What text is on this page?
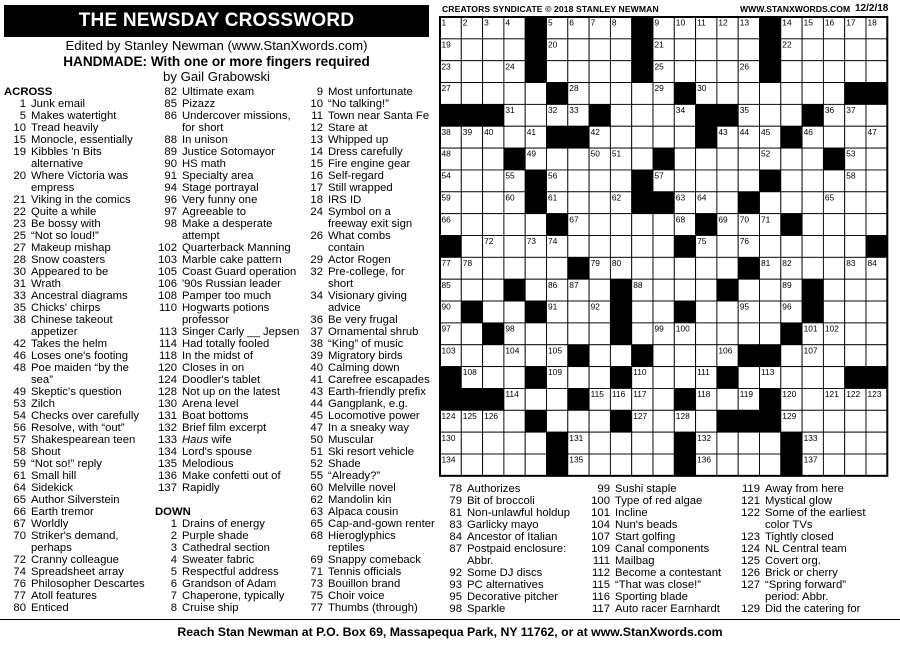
THE NEWSDAY CROSSWORD
Edited by Stanley Newman (www.StanXwords.com)
HANDMADE: With one or more fingers required
by Gail Grabowski
CREATORS SYNDICATE © 2018 STANLEY NEWMAN	WWW.STANXWORDS.COM 12/2/18
1 2 3 4	5 6 7 8	9 10 11 12 13	14 15 16 17 18
19	20	21	22
23	24	25	26
27	28	29	30
31	32 33	34	35	36 37
38 39 40	41	42	43 44 45	46	47
48	49	50 51	52	53
54	55	56	57	58
59	60	61	62	63 64	65
66	67	68	69 70 71
72	73 74	75	76
77 78	79 80	81 82	83 84
85	86 87	88	89
90	91	92 93	94	95	96
97	98	99 100	101 102
103	104	105	106	107
108	109	110	111 112	113
114	115 116 117	118	119	120	121 122 123
124 125 126	127	128	129
130	131	132	133
134	135	136	137
ACROSS
1 Junk email
5 Makes watertight
10 Tread heavily
15 Monocle, essentially
19 Kibbles 'n Bits
alternative
20 Where Victoria was
empress
21 Viking in the comics
22 Quite a while
23 Be bossy with
25 “Not so loud!”
27 Makeup mishap
28 Snow coasters
30 Appeared to be
31 Wrath
33 Ancestral diagrams
35 Chicks' chirps
38 Chinese takeout
appetizer
42 Takes the helm
46 Loses one's footing
48 Poe maiden “by the
sea”
49 Skeptic's question
53 Zilch
54 Checks over carefully
56 Resolve, with “out”
57 Shakespearean teen
58 Shout
59 “Not so!” reply
61 Small hill
64 Sidekick
65 Author Silverstein
66 Earth tremor
67 Worldly
70 Striker's demand,
perhaps
72 Cranny colleague
74 Spreadsheet array
76 Philosopher Descartes
77 Atoll features
80 Enticed
82 Ultimate exam
85 Pizazz
86 Undercover missions,
for short
88 In unison
89 Justice Sotomayor
90 HS math
91 Specialty area
94 Stage portrayal
96 Very funny one
97 Agreeable to
98 Make a desperate
attempt
102 Quarterback Manning
103 Marble cake pattern
105 Coast Guard operation
106 '90s Russian leader
108 Pamper too much
110 Hogwarts potions
professor
113 Singer Carly __ Jepsen
114 Had totally fooled
118 In the midst of
120 Closes in on
124 Doodler's tablet
128 Not up on the latest
130 Arena level
131 Boat bottoms
132 Brief film excerpt
133 Haus wife
134 Lord's spouse
135 Melodious
136 Make confetti out of
137 Rapidly
DOWN
1 Drains of energy
2 Purple shade
3 Cathedral section
4 Sweater fabric
5 Respectful address
6 Grandson of Adam
7 Chaperone, typically
8 Cruise ship
9 Most unfortunate
10 “No talking!”
11 Town near Santa Fe
12 Stare at
13 Whipped up
14 Dress carefully
15 Fire engine gear
16 Self-regard
17 Still wrapped
18 IRS ID
24 Symbol on a
freeway exit sign
26 What combs
contain
29 Actor Rogen
32 Pre-college, for
short
34 Visionary giving
advice
36 Be very frugal
37 Ornamental shrub
38 “King” of music
39 Migratory birds
40 Calming down
41 Carefree escapades
43 Earth-friendly prefix
44 Gangplank, e.g.
45 Locomotive power
47 In a sneaky way
50 Muscular
51 Ski resort vehicle
52 Shade
55 “Already?”
60 Melville novel
62 Mandolin kin
63 Alpaca cousin
65 Cap-and-gown renter
68 Hieroglyphics
reptiles
69 Snappy comeback
71 Tennis officials
73 Bouillon brand
75 Choir voice
77 Thumbs (through)
78 Authorizes
79 Bit of broccoli
81 Non-unlawful holdup
83 Garlicky mayo
84 Ancestor of Italian
87 Postpaid enclosure:
Abbr.
92 Some DJ discs
93 PC alternatives
95 Decorative pitcher
98 Sparkle
99 Sushi staple
100 Type of red algae
101 Incline
104 Nun's beads
107 Start golfing
109 Canal components
111 Mailbag
112 Become a contestant
115 “That was close!”
116 Sporting blade
117 Auto racer Earnhardt
119 Away from here
121 Mystical glow
122 Some of the earliest
color TVs
123 Tightly closed
124 NL Central team
125 Covert org.
126 Brick or cherry
127 “Spring forward”
period: Abbr.
129 Did the catering for
Reach Stan Newman at P.O. Box 69, Massapequa Park, NY 11762, or at www.StanXwords.com
